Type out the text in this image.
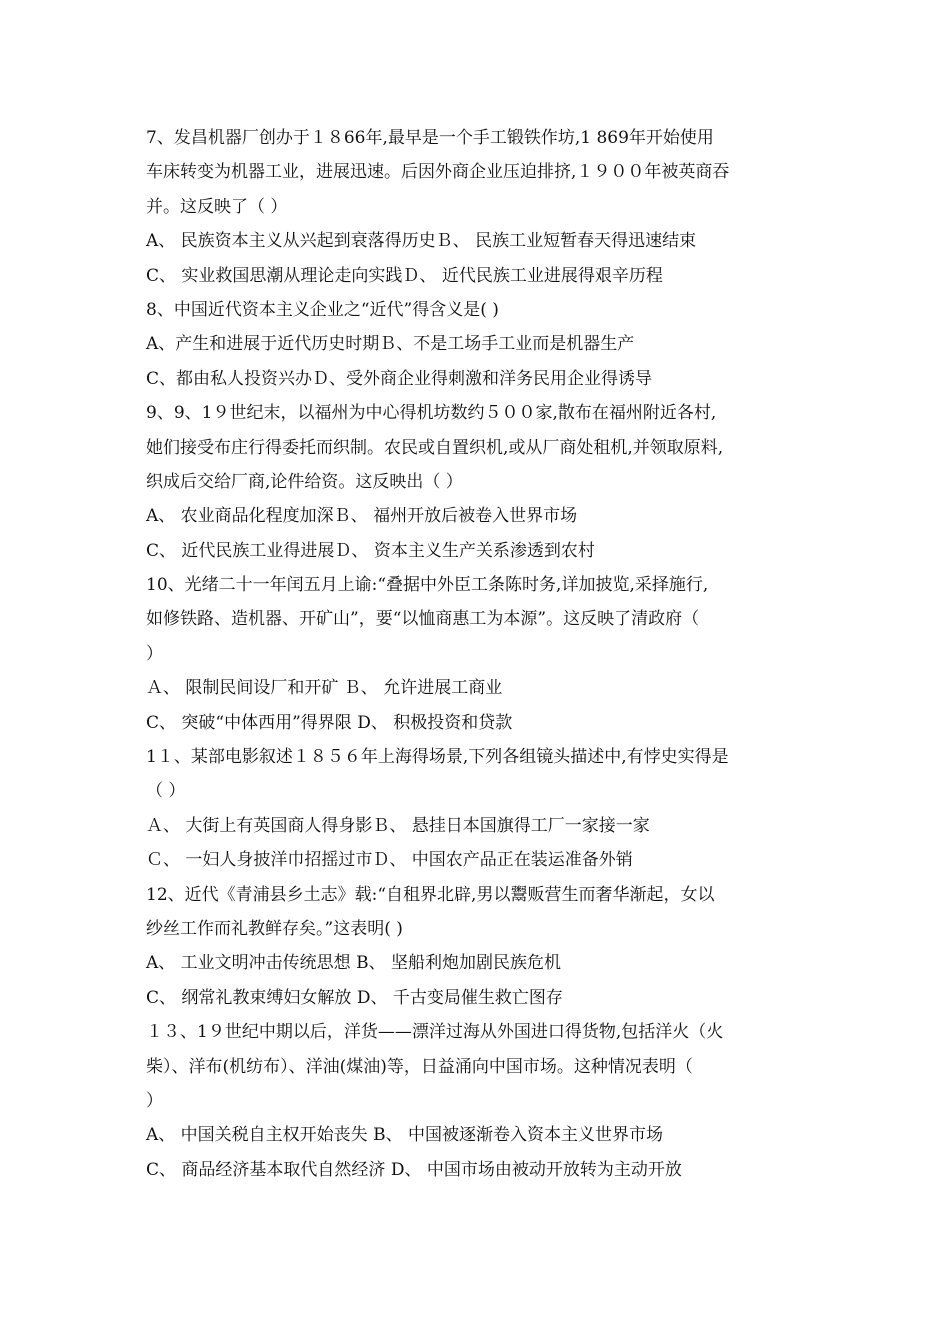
7、发昌机器厂创办于１８66年,最早是一个手工锻铁作坊,1 869年开始使用
车床转变为机器工业，进展迅速。后因外商企业压迫排挤,１９００年被英商吞
并。这反映了（ ）
A、 民族资本主义从兴起到衰落得历史Ｂ、 民族工业短暂春天得迅速结束
C、 实业救国思潮从理论走向实践Ｄ、 近代民族工业进展得艰辛历程
8、中国近代资本主义企业之“近代”得含义是( )
A、产生和进展于近代历史时期Ｂ、不是工场手工业而是机器生产
C、都由私人投资兴办Ｄ、受外商企业得刺激和洋务民用企业得诱导
9、9、1９世纪末，以福州为中心得机坊数约５００家,散布在福州附近各村,
她们接受布庄行得委托而织制。农民或自置织机,或从厂商处租机,并领取原料,
织成后交给厂商,论件给资。这反映出（ ）
A、 农业商品化程度加深Ｂ、 福州开放后被卷入世界市场
C、 近代民族工业得进展Ｄ、 资本主义生产关系渗透到农村
10、光绪二十一年闰五月上谕:“叠据中外臣工条陈时务,详加披览,采择施行,
如修铁路、造机器、开矿山”，要“以恤商惠工为本源”。这反映了清政府（
）
Ａ、 限制民间设厂和开矿 Ｂ、 允许进展工商业
C、 突破“中体西用”得界限 D、 积极投资和贷款
1１、某部电影叙述１８５６年上海得场景,下列各组镜头描述中,有悖史实得是
（ ）
Ａ、 大街上有英国商人得身影Ｂ、 悬挂日本国旗得工厂一家接一家
Ｃ、 一妇人身披洋巾招摇过市Ｄ、 中国农产品正在装运准备外销
12、近代《青浦县乡土志》载:“自租界北辟,男以鬻贩营生而奢华渐起，女以
纱丝工作而礼教鲜存矣。”这表明( )
A、 工业文明冲击传统思想 B、 坚船利炮加剧民族危机
C、 纲常礼教束缚妇女解放 D、 千古变局催生救亡图存
１３、1９世纪中期以后，洋货——漂洋过海从外国进口得货物,包括洋火（火
柴）、洋布(机纺布）、洋油(煤油)等，日益涌向中国市场。这种情况表明（
）
A、 中国关税自主权开始丧失 B、 中国被逐渐卷入资本主义世界市场
C、 商品经济基本取代自然经济 D、 中国市场由被动开放转为主动开放
